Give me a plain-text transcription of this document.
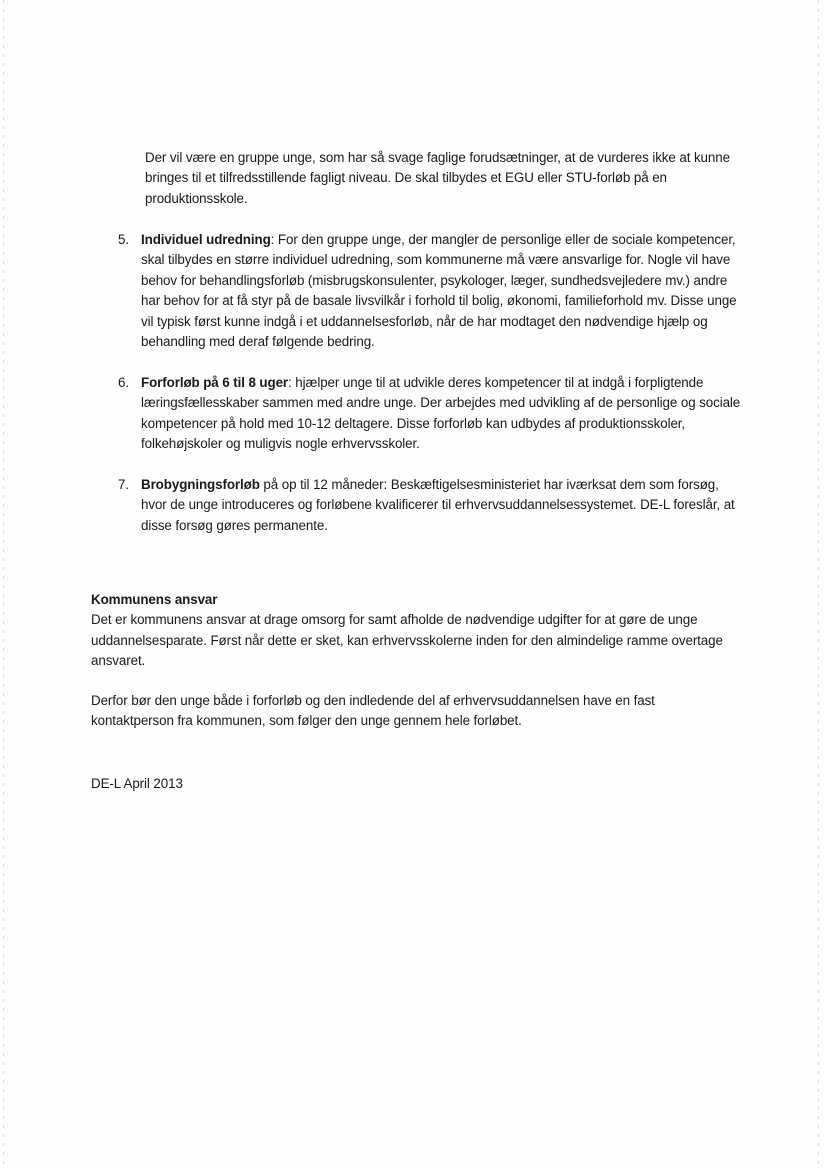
Der vil være en gruppe unge, som har så svage faglige forudsætninger, at de vurderes ikke at kunne bringes til et tilfredsstillende fagligt niveau. De skal tilbydes et EGU eller STU-forløb på en produktionsskole.

5. Individuel udredning: For den gruppe unge, der mangler de personlige eller de sociale kompetencer, skal tilbydes en større individuel udredning, som kommunerne må være ansvarlige for. Nogle vil have behov for behandlingsforløb (misbrugskonsulenter, psykologer, læger, sundhedsvejledere mv.) andre har behov for at få styr på de basale livsvilkår i forhold til bolig, økonomi, familieforhold mv. Disse unge vil typisk først kunne indgå i et uddannelsesforløb, når de har modtaget den nødvendige hjælp og behandling med deraf følgende bedring.

6. Forforløb på 6 til 8 uger: hjælper unge til at udvikle deres kompetencer til at indgå i forpligtende læringsfællesskaber sammen med andre unge. Der arbejdes med udvikling af de personlige og sociale kompetencer på hold med 10-12 deltagere. Disse forforløb kan udbydes af produktionsskoler, folkehøjskoler og muligvis nogle erhvervsskoler.

7. Brobygningsforløb på op til 12 måneder: Beskæftigelsesministeriet har iværksat dem som forsøg, hvor de unge introduceres og forløbene kvalificerer til erhvervsuddannelsessystemet. DE-L foreslår, at disse forsøg gøres permanente.

Kommunens ansvar

Det er kommunens ansvar at drage omsorg for samt afholde de nødvendige udgifter for at gøre de unge uddannelsesparate. Først når dette er sket, kan erhvervsskolerne inden for den almindelige ramme overtage ansvaret.

Derfor bør den unge både i forforløb og den indledende del af erhvervsuddannelsen have en fast kontaktperson fra kommunen, som følger den unge gennem hele forløbet.

DE-L April 2013
